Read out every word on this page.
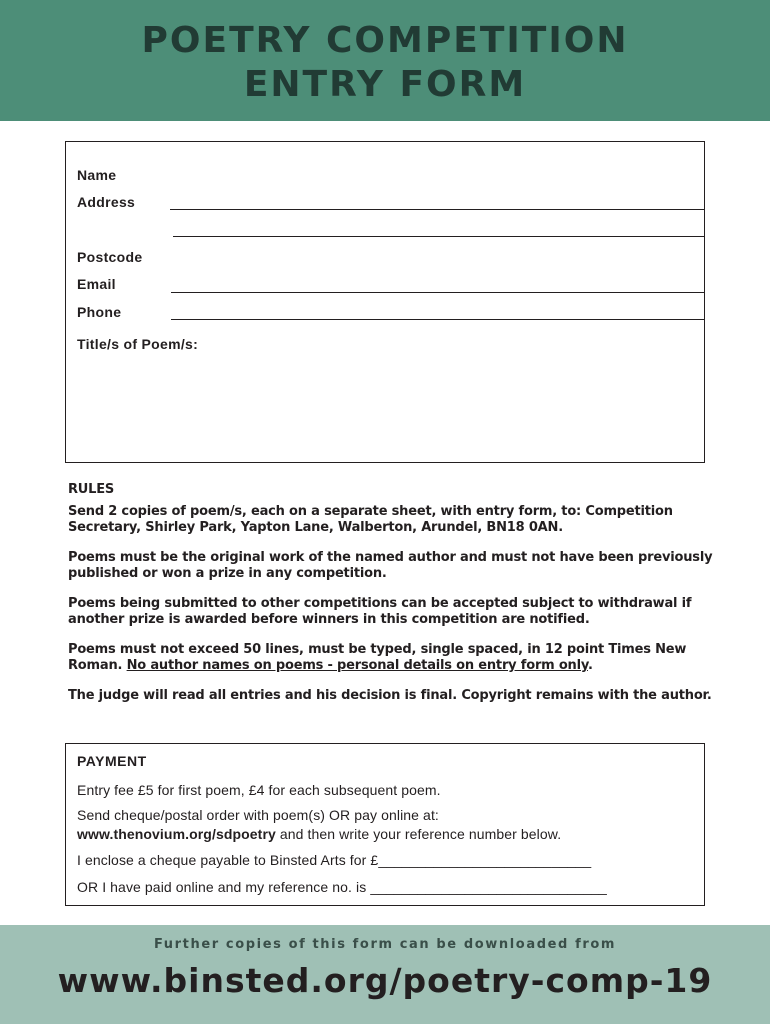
POETRY COMPETITION
ENTRY FORM
Name
Address
Postcode
Email
Phone
Title/s of Poem/s:
RULES

Send 2 copies of poem/s, each on a separate sheet, with entry form, to: Competition Secretary, Shirley Park, Yapton Lane, Walberton, Arundel, BN18 0AN.

Poems must be the original work of the named author and must not have been previously published or won a prize in any competition.

Poems being submitted to other competitions can be accepted subject to withdrawal if another prize is awarded before winners in this competition are notified.

Poems must not exceed 50 lines, must be typed, single spaced, in 12 point Times New Roman. No author names on poems - personal details on entry form only.

The judge will read all entries and his decision is final. Copyright remains with the author.

PAYMENT
Entry fee £5 for first poem, £4 for each subsequent poem.
Send cheque/postal order with poem(s) OR pay online at:
www.thenovium.org/sdpoetry and then write your reference number below.
I enclose a cheque payable to Binsted Arts for £___________________________
OR I have paid online and my reference no. is ______________________________
Further copies of this form can be downloaded from
www.binsted.org/poetry-comp-19
